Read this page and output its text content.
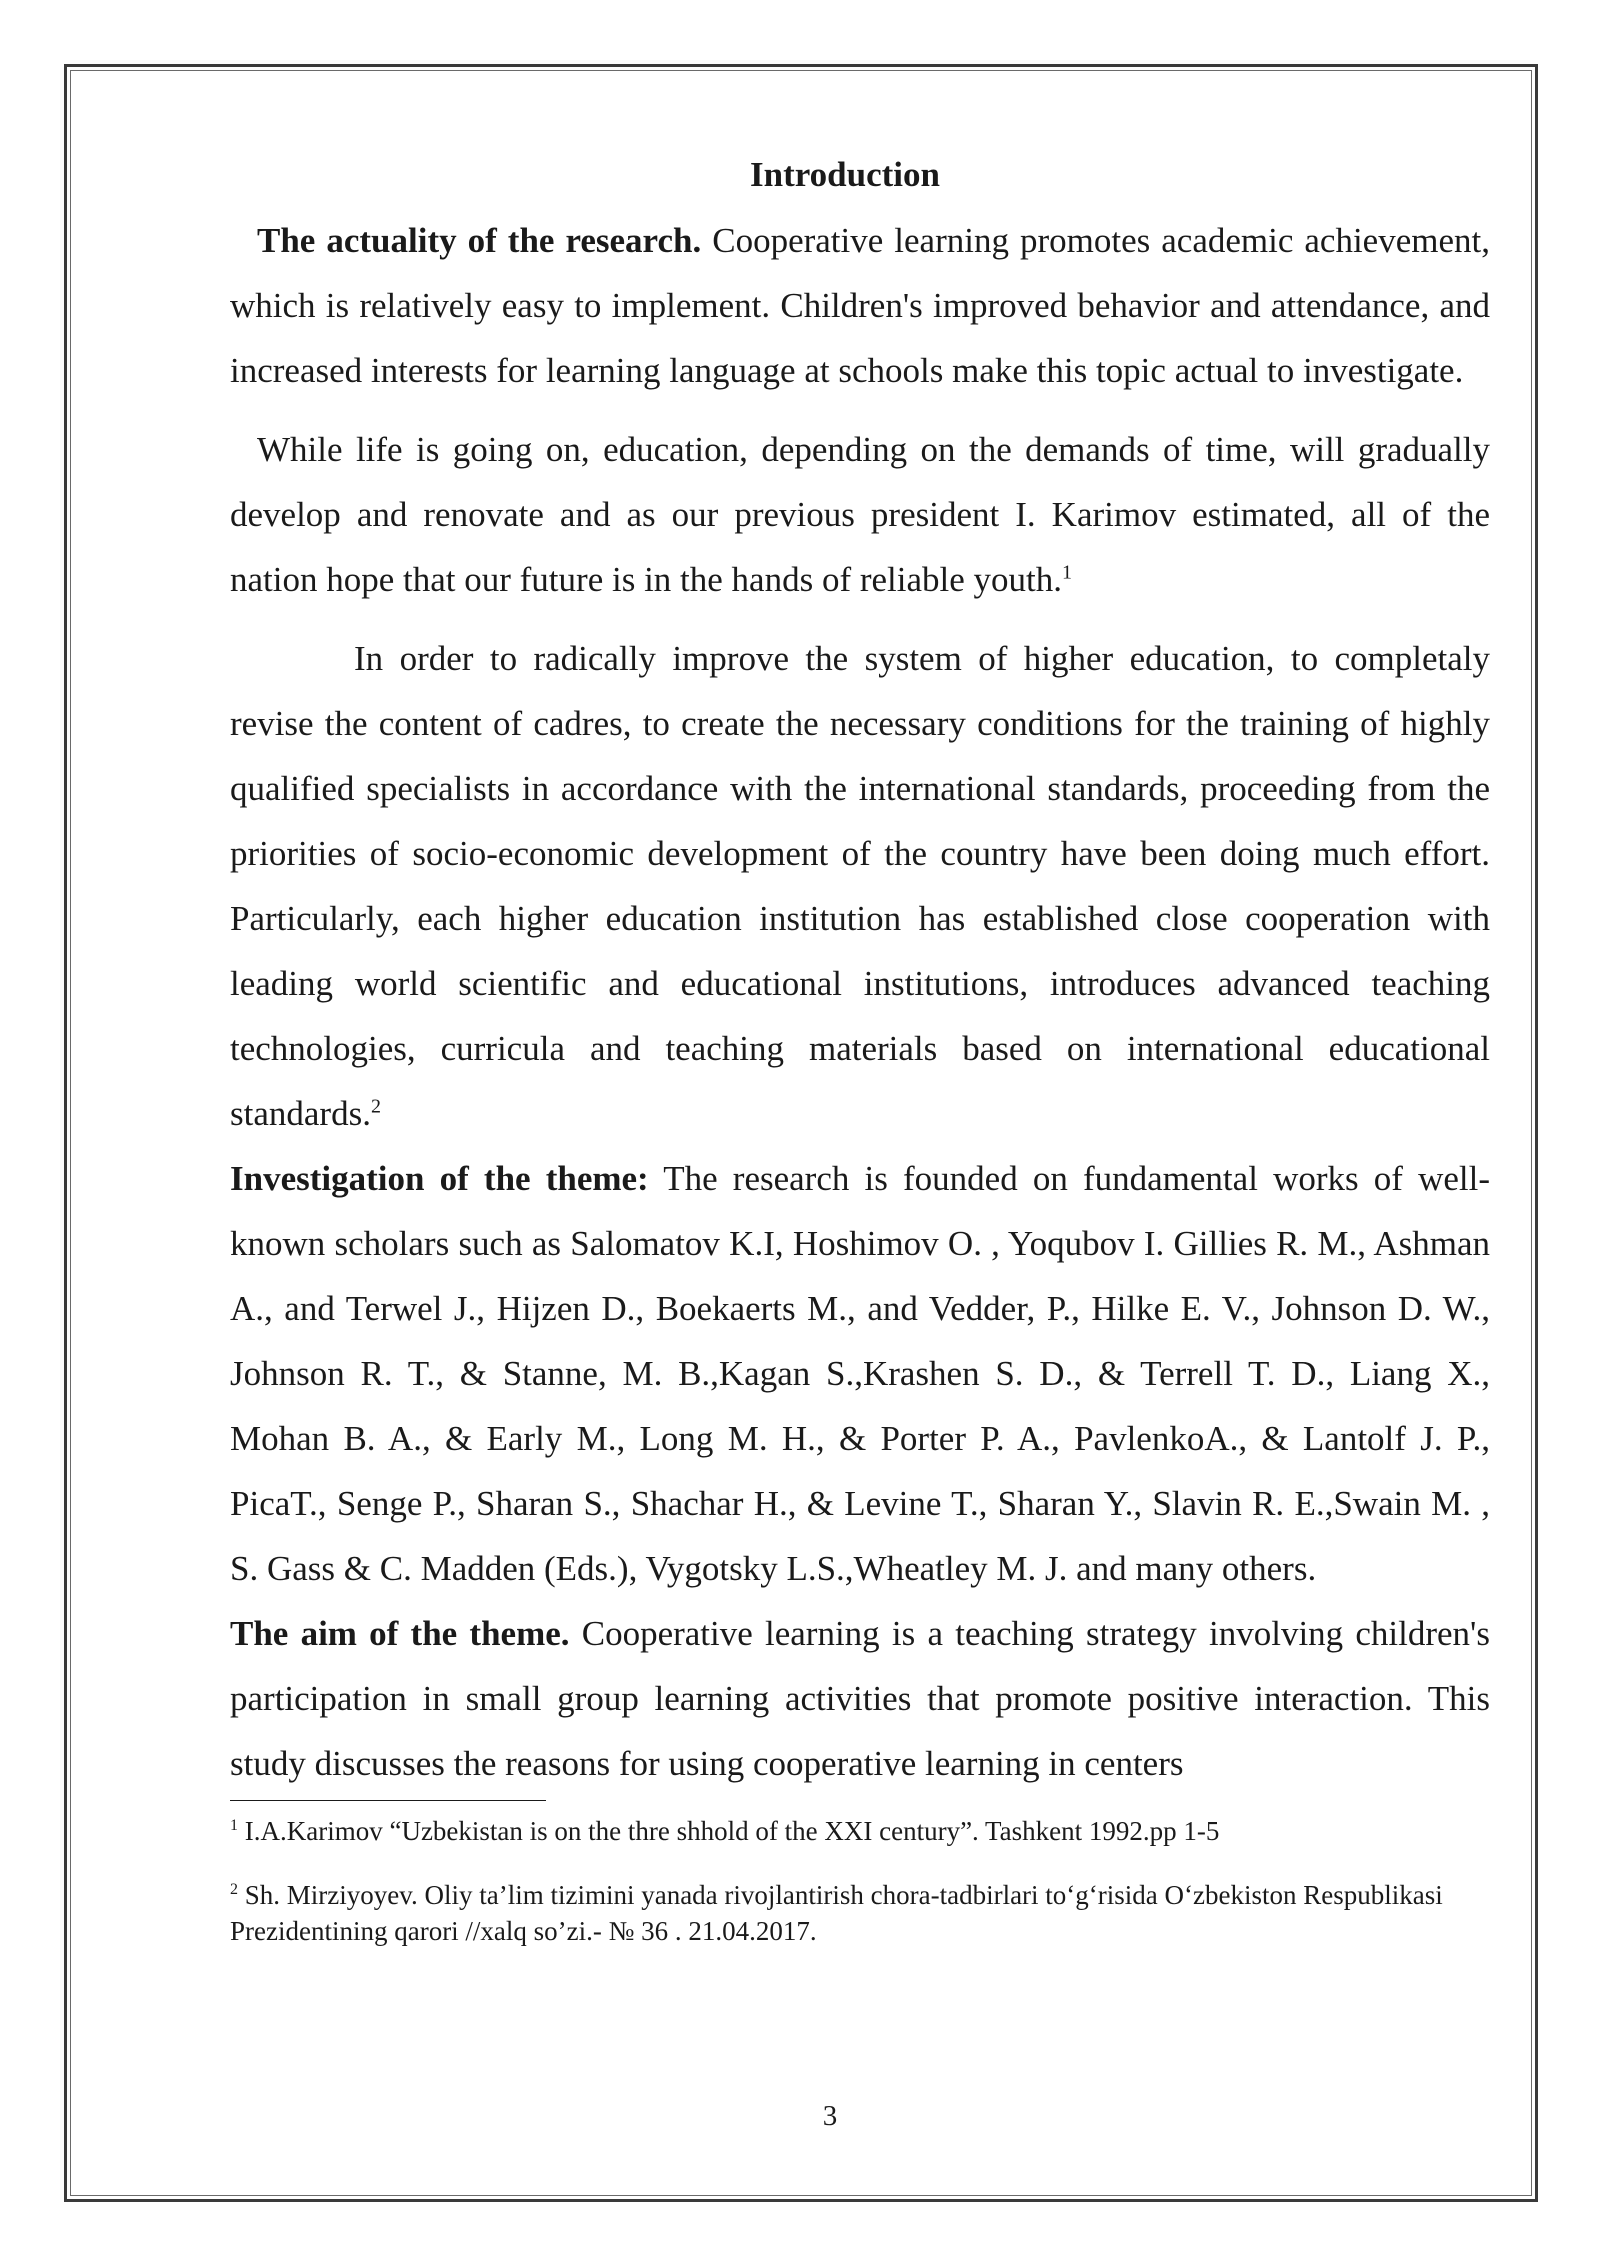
Introduction

The actuality of the research. Cooperative learning promotes academic achievement, which is relatively easy to implement. Children's improved behavior and attendance, and increased interests for learning language at schools make this topic actual to investigate.

While life is going on, education, depending on the demands of time, will gradually develop and renovate and as our previous president I. Karimov estimated, all of the nation hope that our future is in the hands of reliable youth.$^1$

In order to radically improve the system of higher education, to completaly revise the content of cadres, to create the necessary conditions for the training of highly qualified specialists in accordance with the international standards, proceeding from the priorities of socio-economic development of the country have been doing much effort. Particularly, each higher education institution has established close cooperation with leading world scientific and educational institutions, introduces advanced teaching technologies, curricula and teaching materials based on international educational standards.$^2$

Investigation of the theme: The research is founded on fundamental works of well-known scholars such as Salomatov K.I, Hoshimov O. , Yoqubov I. Gillies R. M., Ashman A., and Terwel J., Hijzen D., Boekaerts M., and Vedder, P., Hilke E. V., Johnson D. W., Johnson R. T., & Stanne, M. B.,Kagan S.,Krashen S. D., & Terrell T. D., Liang X., Mohan B. A., & Early M., Long M. H., & Porter P. A., PavlenkoA., & Lantolf J. P., PicaT., Senge P., Sharan S., Shachar H., & Levine T., Sharan Y., Slavin R. E.,Swain M. , S. Gass & C. Madden (Eds.), Vygotsky L.S.,Wheatley M. J. and many others.

The aim of the theme. Cooperative learning is a teaching strategy involving children's participation in small group learning activities that promote positive interaction. This study discusses the reasons for using cooperative learning in centers

$^1$ I.A.Karimov “Uzbekistan is on the thre shhold of the XXI century”. Tashkent 1992.pp 1-5

$^2$ Sh. Mirziyoyev. Oliy ta’lim tizimini yanada rivojlantirish chora-tadbirlari to‘g‘risida O‘zbekiston Respublikasi Prezidentining qarori //xalq so’zi.- № 36 . 21.04.2017.

3
